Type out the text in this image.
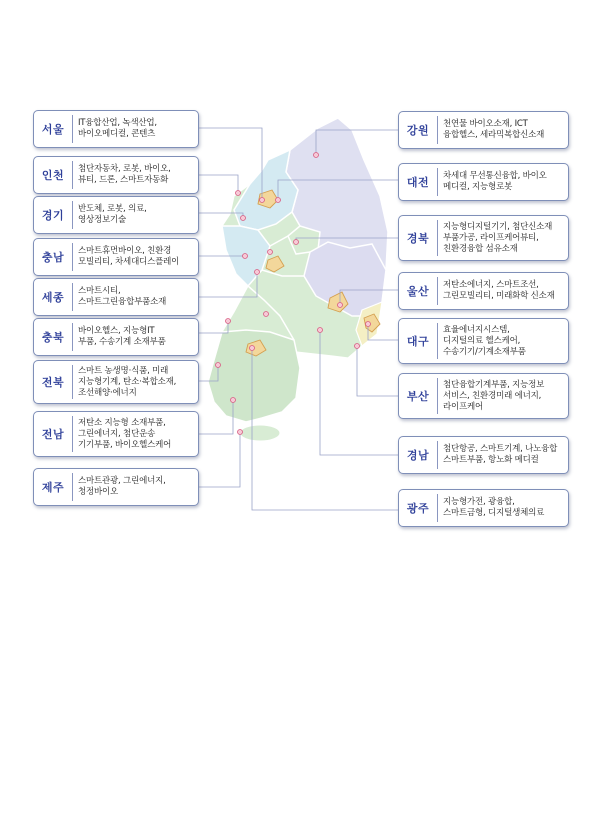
서울	IT융합산업, 녹색산업,
바이오메디컬, 콘텐츠
인천	첨단자동차, 로봇, 바이오,
뷰티, 드론, 스마트자동화
경기	반도체, 로봇, 의료,
영상정보기술
충남	스마트휴먼바이오, 친환경
모빌리티, 차세대디스플레이
세종	스마트시티,
스마트그린융합부품소재
충북	바이오헬스, 지능형IT
부품, 수송기계 소재부품
전북
스마트 농생명·식품, 미래
지능형기계, 탄소·복합소재,
조선해양·에너지
전남
저탄소 지능형 소재부품,
그린에너지, 첨단운송
기기부품, 바이오헬스케어
제주	스마트관광, 그린에너지,
청정바이오
강원	천연물 바이오소재, ICT
융합헬스, 세라믹복합신소재
대전	차세대 무선통신융합, 바이오
메디컬, 지능형로봇
경북
지능형디지털기기, 첨단신소재
부품가공, 라이프케어뷰티,
친환경융합 섬유소재
울산	저탄소에너지, 스마트조선,
그린모빌리티, 미래화학 신소재
대구
효율에너지시스템,
디지털의료 헬스케어,
수송기기/기계소재부품
부산
첨단융합기계부품, 지능정보
서비스, 친환경미래 에너지,
라이프케어
경남	첨단항공, 스마트기계, 나노융합
스마트부품, 항노화 메디컬
광주	지능형가전, 광융합,
스마트금형, 디지털생체의료
